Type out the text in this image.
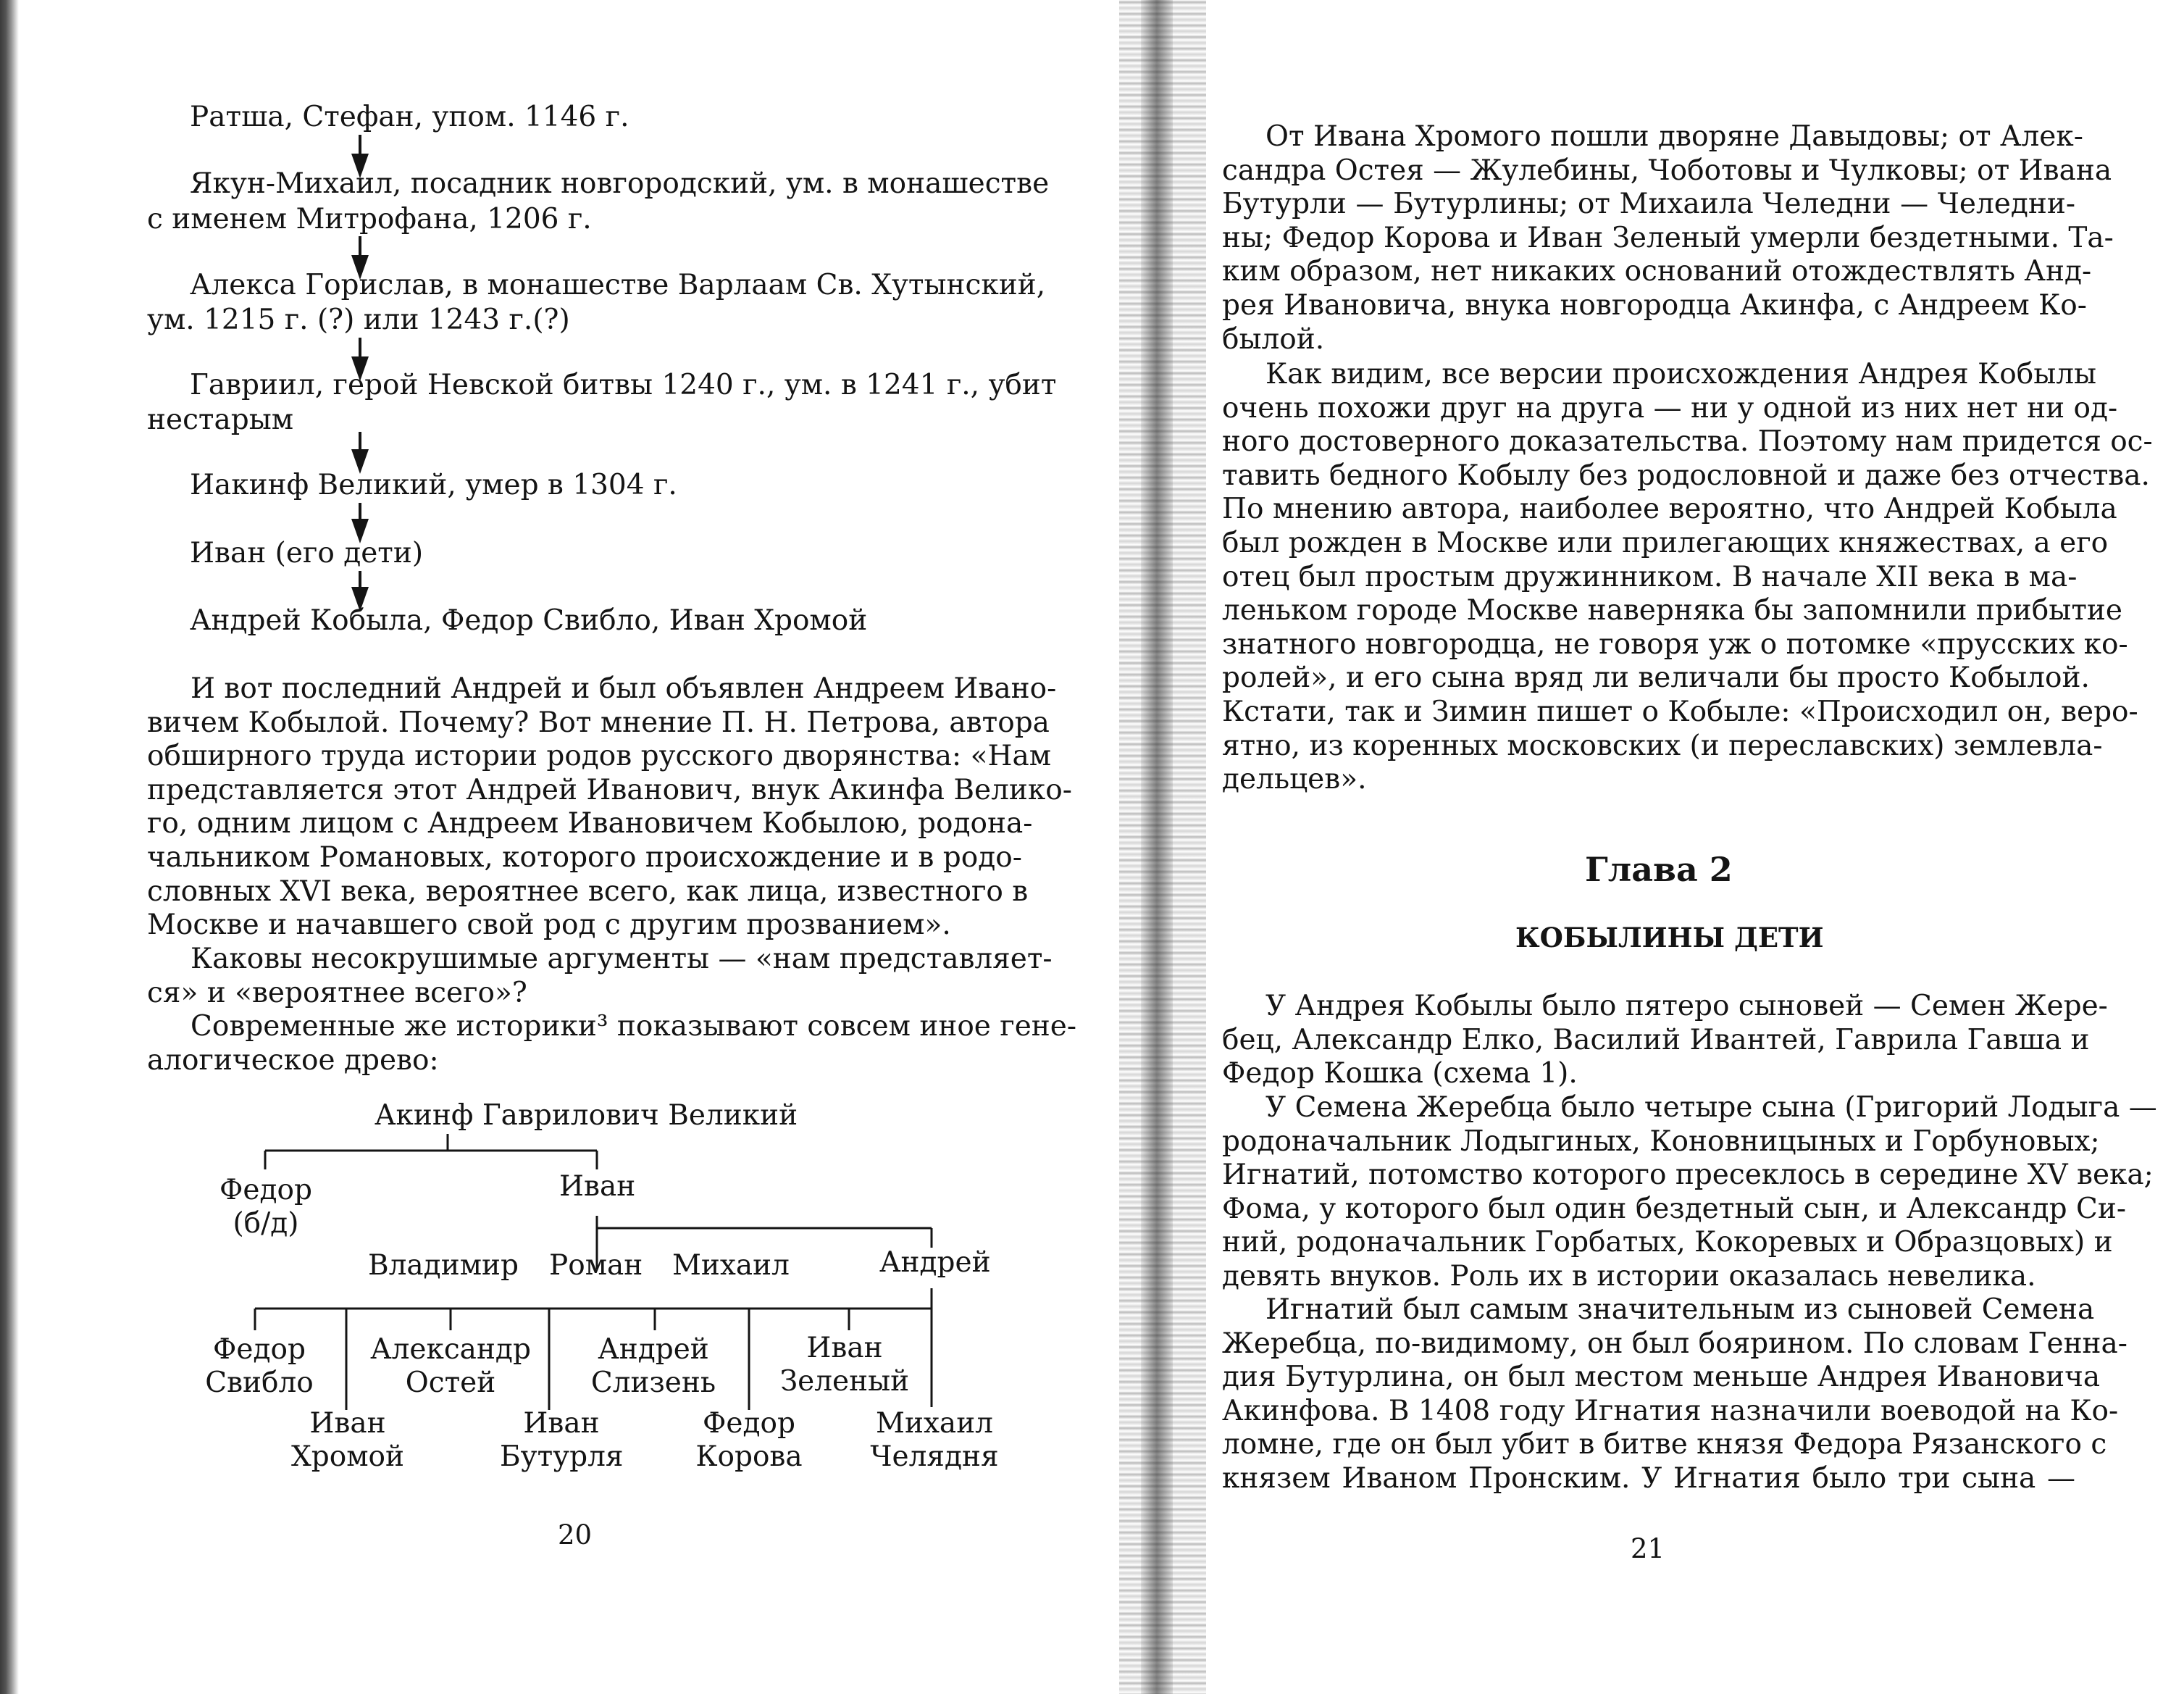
Ратша, Стефан, упом. 1146 г.
Якун-Михаил, посадник новгородский, ум. в монашестве
с именем Митрофана, 1206 г.
Алекса Горислав, в монашестве Варлаам Св. Хутынский,
ум. 1215 г. (?) или 1243 г.(?)
Гавриил, герой Невской битвы 1240 г., ум. в 1241 г., убит
нестарым
Иакинф Великий, умер в 1304 г.
Иван (его дети)
Андрей Кобыла, Федор Свибло, Иван Хромой
И вот последний Андрей и был объявлен Андреем Ивано-
вичем Кобылой. Почему? Вот мнение П. Н. Петрова, автора
обширного труда истории родов русского дворянства: «Нам
представляется этот Андрей Иванович, внук Акинфа Велико-
го, одним лицом с Андреем Ивановичем Кобылою, родона-
чальником Романовых, которого происхождение и в родо-
словных XVI века, вероятнее всего, как лица, известного в
Москве и начавшего свой род с другим прозванием».
Каковы несокрушимые аргументы — «нам представляет-
ся» и «вероятнее всего»?
Современные же историки³ показывают совсем иное гене-
алогическое древо:
Акинф Гаврилович Великий
Федор
(б/д)
Иван
Владимир Роман Михаил	Андрей
Федор
Свибло
Александр
Остей
Андрей
Слизень
Иван
Зеленый
Иван
Хромой
Иван
Бутурля
Федор
Корова
Михаил
Челядня
20
От Ивана Хромого пошли дворяне Давыдовы; от Алек-
сандра Остея — Жулебины, Чоботовы и Чулковы; от Ивана
Бутурли — Бутурлины; от Михаила Челедни — Челедни-
ны; Федор Корова и Иван Зеленый умерли бездетными. Та-
ким образом, нет никаких оснований отождествлять Анд-
рея Ивановича, внука новгородца Акинфа, с Андреем Ко-
былой.
Как видим, все версии происхождения Андрея Кобылы
очень похожи друг на друга — ни у одной из них нет ни од-
ного достоверного доказательства. Поэтому нам придется ос-
тавить бедного Кобылу без родословной и даже без отчества.
По мнению автора, наиболее вероятно, что Андрей Кобыла
был рожден в Москве или прилегающих княжествах, а его
отец был простым дружинником. В начале XII века в ма-
леньком городе Москве наверняка бы запомнили прибытие
знатного новгородца, не говоря уж о потомке «прусских ко-
ролей», и его сына вряд ли величали бы просто Кобылой.
Кстати, так и Зимин пишет о Кобыле: «Происходил он, веро-
ятно, из коренных московских (и переславских) землевла-
дельцев».
Глава 2
КОБЫЛИНЫ ДЕТИ
У Андрея Кобылы было пятеро сыновей — Семен Жере-
бец, Александр Елко, Василий Ивантей, Гаврила Гавша и
Федор Кошка (схема 1).
У Семена Жеребца было четыре сына (Григорий Лодыга —
родоначальник Лодыгиных, Коновницыных и Горбуновых;
Игнатий, потомство которого пресеклось в середине XV века;
Фома, у которого был один бездетный сын, и Александр Си-
ний, родоначальник Горбатых, Кокоревых и Образцовых) и
девять внуков. Роль их в истории оказалась невелика.
Игнатий был самым значительным из сыновей Семена
Жеребца, по-видимому, он был боярином. По словам Генна-
дия Бутурлина, он был местом меньше Андрея Ивановича
Акинфова. В 1408 году Игнатия назначили воеводой на Ко-
ломне, где он был убит в битве князя Федора Рязанского с
князем Иваном Пронским. У Игнатия было три сына —
21
